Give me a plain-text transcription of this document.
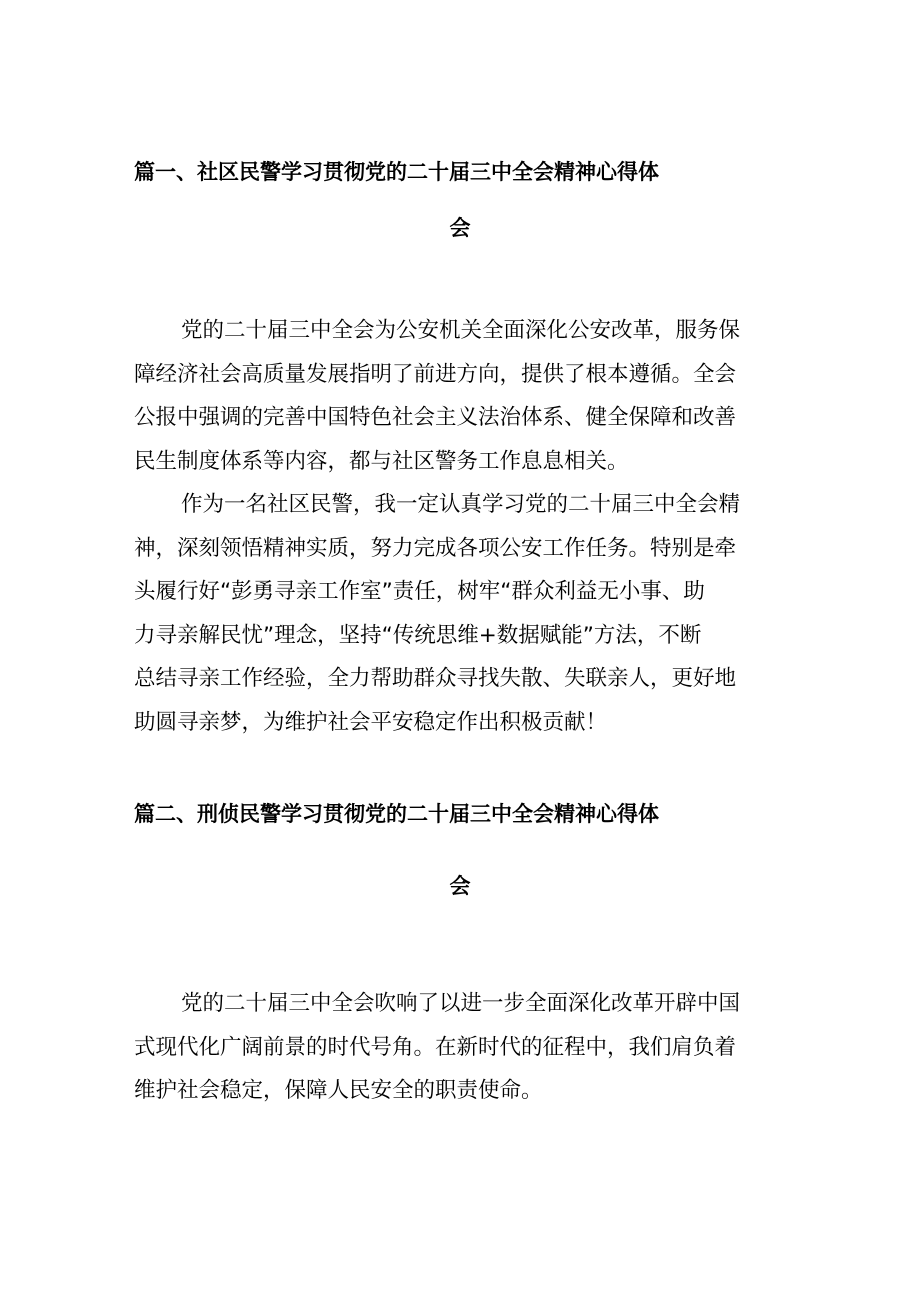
篇一、社区民警学习贯彻党的二十届三中全会精神心得体
会
党的二十届三中全会为公安机关全面深化公安改革，服务保
障经济社会高质量发展指明了前进方向，提供了根本遵循。全会
公报中强调的完善中国特色社会主义法治体系、健全保障和改善
民生制度体系等内容，都与社区警务工作息息相关。
作为一名社区民警，我一定认真学习党的二十届三中全会精
神，深刻领悟精神实质，努力完成各项公安工作任务。特别是牵
头履行好“彭勇寻亲工作室”责任，树牢“群众利益无小事、助
力寻亲解民忧”理念，坚持“传统思维+数据赋能”方法，不断
总结寻亲工作经验，全力帮助群众寻找失散、失联亲人，更好地
助圆寻亲梦，为维护社会平安稳定作出积极贡献！
篇二、刑侦民警学习贯彻党的二十届三中全会精神心得体
会
党的二十届三中全会吹响了以进一步全面深化改革开辟中国
式现代化广阔前景的时代号角。在新时代的征程中，我们肩负着
维护社会稳定，保障人民安全的职责使命。
